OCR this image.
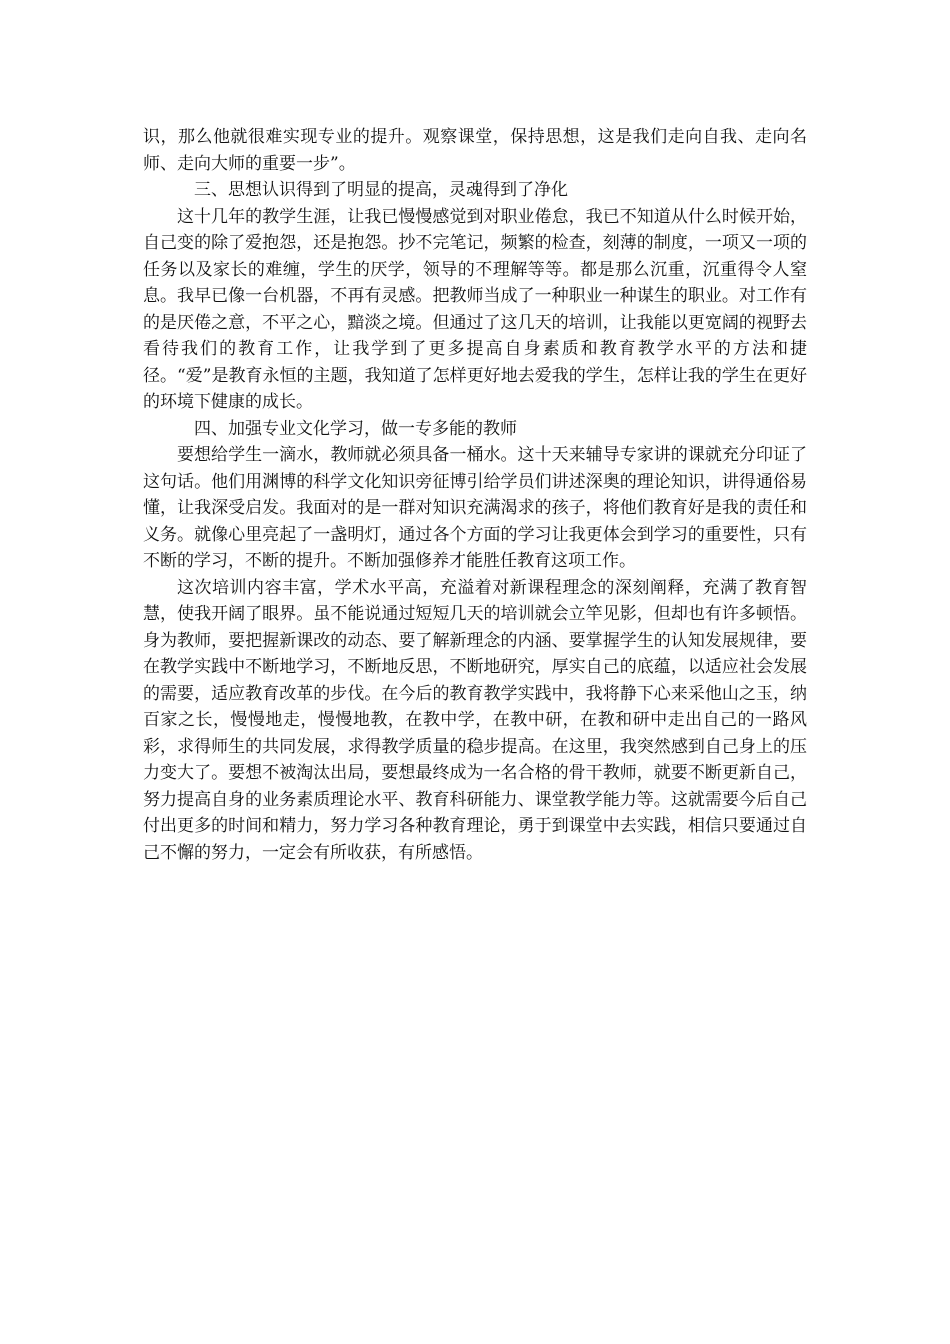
识，那么他就很难实现专业的提升。观察课堂，保持思想，这是我们走向自我、走向名师、走向大师的重要一步”。

三、思想认识得到了明显的提高，灵魂得到了净化

这十几年的教学生涯，让我已慢慢感觉到对职业倦怠，我已不知道从什么时候开始，自己变的除了爱抱怨，还是抱怨。抄不完笔记，频繁的检查，刻薄的制度，一项又一项的任务以及家长的难缠，学生的厌学，领导的不理解等等。都是那么沉重，沉重得令人窒息。我早已像一台机器，不再有灵感。把教师当成了一种职业一种谋生的职业。对工作有的是厌倦之意，不平之心，黯淡之境。但通过了这几天的培训，让我能以更宽阔的视野去看待我们的教育工作，让我学到了更多提高自身素质和教育教学水平的方法和捷径。“爱”是教育永恒的主题，我知道了怎样更好地去爱我的学生，怎样让我的学生在更好的环境下健康的成长。

四、加强专业文化学习，做一专多能的教师

要想给学生一滴水，教师就必须具备一桶水。这十天来辅导专家讲的课就充分印证了这句话。他们用渊博的科学文化知识旁征博引给学员们讲述深奥的理论知识，讲得通俗易懂，让我深受启发。我面对的是一群对知识充满渴求的孩子，将他们教育好是我的责任和义务。就像心里亮起了一盏明灯，通过各个方面的学习让我更体会到学习的重要性，只有不断的学习，不断的提升。不断加强修养才能胜任教育这项工作。

这次培训内容丰富，学术水平高，充溢着对新课程理念的深刻阐释，充满了教育智慧，使我开阔了眼界。虽不能说通过短短几天的培训就会立竿见影，但却也有许多顿悟。身为教师，要把握新课改的动态、要了解新理念的内涵、要掌握学生的认知发展规律，要在教学实践中不断地学习，不断地反思，不断地研究，厚实自己的底蕴，以适应社会发展的需要，适应教育改革的步伐。在今后的教育教学实践中，我将静下心来采他山之玉，纳百家之长，慢慢地走，慢慢地教，在教中学，在教中研，在教和研中走出自己的一路风彩，求得师生的共同发展，求得教学质量的稳步提高。在这里，我突然感到自己身上的压力变大了。要想不被淘汰出局，要想最终成为一名合格的骨干教师，就要不断更新自己，努力提高自身的业务素质理论水平、教育科研能力、课堂教学能力等。这就需要今后自己付出更多的时间和精力，努力学习各种教育理论，勇于到课堂中去实践，相信只要通过自己不懈的努力，一定会有所收获，有所感悟。
